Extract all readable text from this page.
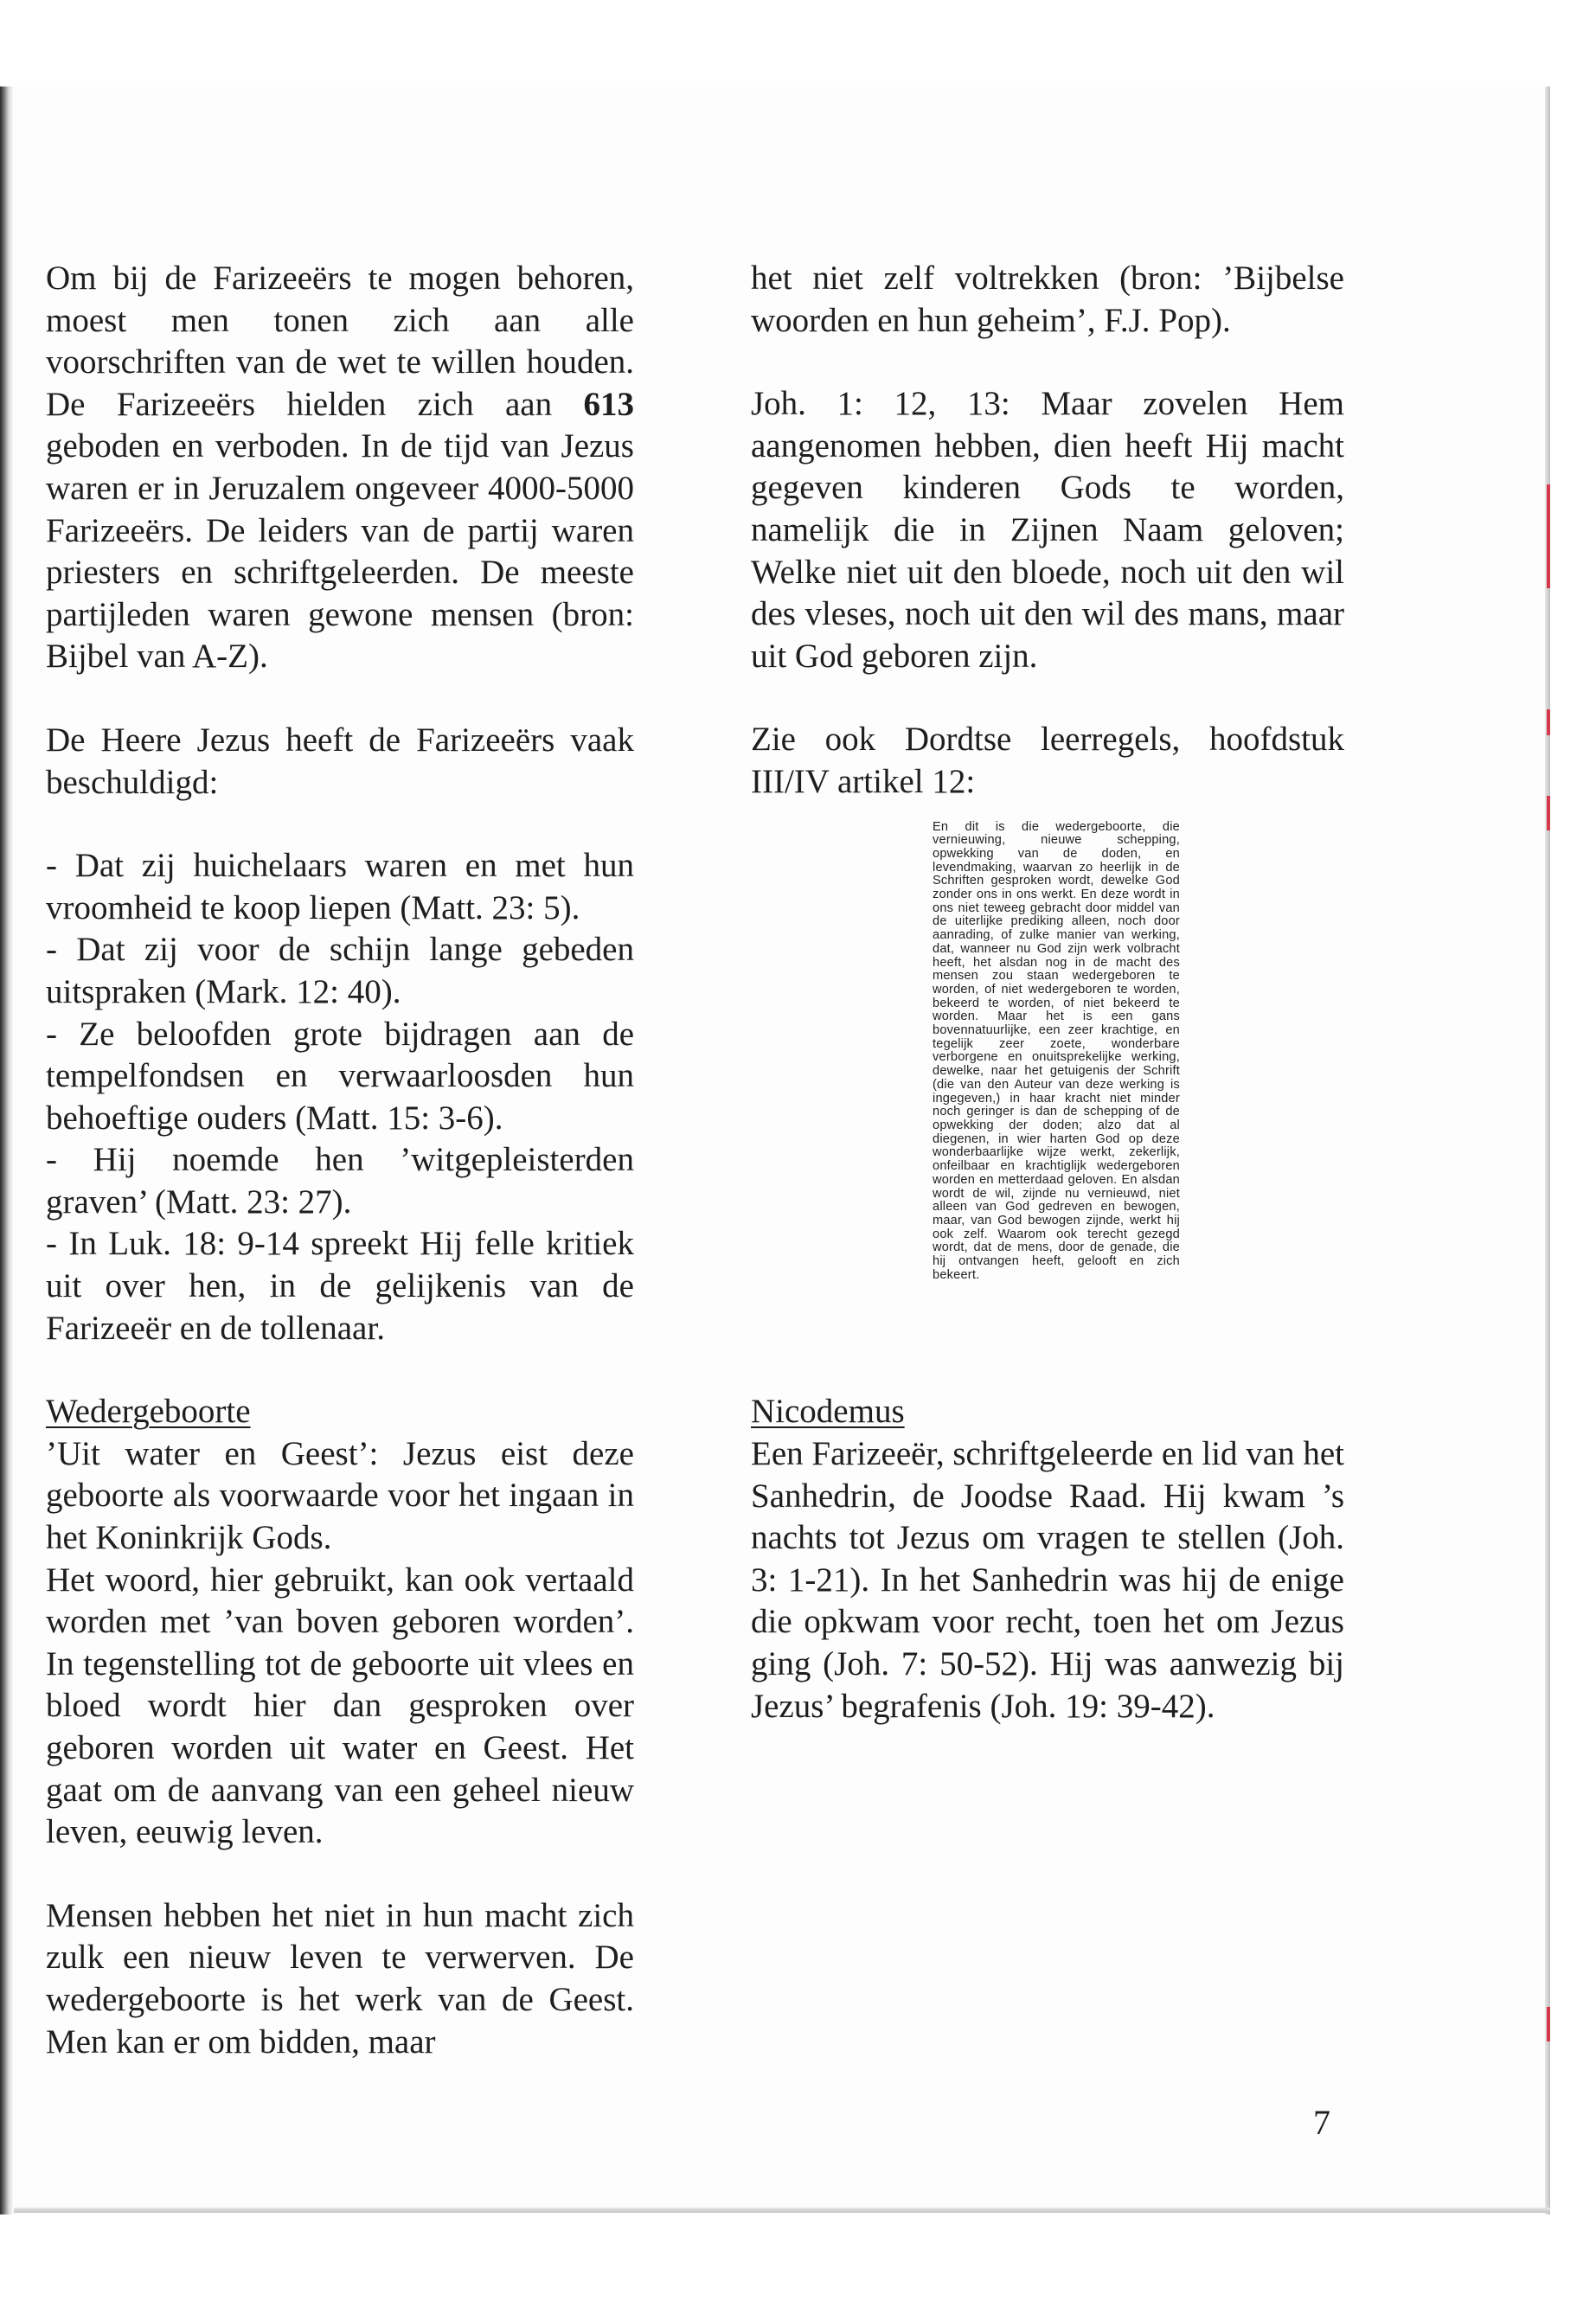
Om bij de Farizeeërs te mogen behoren, moest men tonen zich aan alle voorschriften van de wet te willen houden. De Farizeeërs hielden zich aan 613 geboden en verboden. In de tijd van Jezus waren er in Jeruzalem ongeveer 4000-5000 Farizeeërs. De leiders van de partij waren priesters en schriftgeleerden. De meeste partijleden waren gewone mensen (bron: Bijbel van A-Z).

De Heere Jezus heeft de Farizeeërs vaak beschuldigd:

- Dat zij huichelaars waren en met hun vroomheid te koop liepen (Matt. 23: 5).

- Dat zij voor de schijn lange gebeden uitspraken (Mark. 12: 40).

- Ze beloofden grote bijdragen aan de tempelfondsen en verwaarloosden hun behoeftige ouders (Matt. 15: 3-6).

- Hij noemde hen ’witgepleisterden graven’ (Matt. 23: 27).

- In Luk. 18: 9-14 spreekt Hij felle kritiek uit over hen, in de gelijkenis van de Farizeeër en de tollenaar.

Wedergeboorte

’Uit water en Geest’: Jezus eist deze geboorte als voorwaarde voor het ingaan in het Koninkrijk Gods.

Het woord, hier gebruikt, kan ook vertaald worden met ’van boven geboren worden’. In tegenstelling tot de geboorte uit vlees en bloed wordt hier dan gesproken over geboren worden uit water en Geest. Het gaat om de aanvang van een geheel nieuw leven, eeuwig leven.

Mensen hebben het niet in hun macht zich zulk een nieuw leven te verwerven. De wedergeboorte is het werk van de Geest. Men kan er om bidden, maar

het niet zelf voltrekken (bron: ’Bijbelse woorden en hun geheim’, F.J. Pop).

Joh. 1: 12, 13: Maar zovelen Hem aangenomen hebben, dien heeft Hij macht gegeven kinderen Gods te worden, namelijk die in Zijnen Naam geloven; Welke niet uit den bloede, noch uit den wil des vleses, noch uit den wil des mans, maar uit God geboren zijn.

Zie ook Dordtse leerregels, hoofdstuk III/IV artikel 12:

En dit is die wedergeboorte, die vernieuwing, nieuwe schepping, opwekking van de doden, en levendmaking, waarvan zo heerlijk in de Schriften gesproken wordt, dewelke God zonder ons in ons werkt. En deze wordt in ons niet teweeg gebracht door middel van de uiterlijke prediking alleen, noch door aanrading, of zulke manier van werking, dat, wanneer nu God zijn werk volbracht heeft, het alsdan nog in de macht des mensen zou staan wedergeboren te worden, of niet wedergeboren te worden, bekeerd te worden, of niet bekeerd te worden. Maar het is een gans bovennatuurlijke, een zeer krachtige, en tegelijk zeer zoete, wonderbare verborgene en onuitsprekelijke werking, dewelke, naar het getuigenis der Schrift (die van den Auteur van deze werking is ingegeven,) in haar kracht niet minder noch geringer is dan de schepping of de opwekking der doden; alzo dat al diegenen, in wier harten God op deze wonderbaarlijke wijze werkt, zekerlijk, onfeilbaar en krachtiglijk wedergeboren worden en metterdaad geloven. En alsdan wordt de wil, zijnde nu vernieuwd, niet alleen van God gedreven en bewogen, maar, van God bewogen zijnde, werkt hij ook zelf. Waarom ook terecht gezegd wordt, dat de mens, door de genade, die hij ontvangen heeft, gelooft en zich bekeert.

Nicodemus

Een Farizeeër, schriftgeleerde en lid van het Sanhedrin, de Joodse Raad. Hij kwam ’s nachts tot Jezus om vragen te stellen (Joh. 3: 1-21). In het Sanhedrin was hij de enige die opkwam voor recht, toen het om Jezus ging (Joh. 7: 50-52). Hij was aanwezig bij Jezus’ begrafenis (Joh. 19: 39-42).

7
